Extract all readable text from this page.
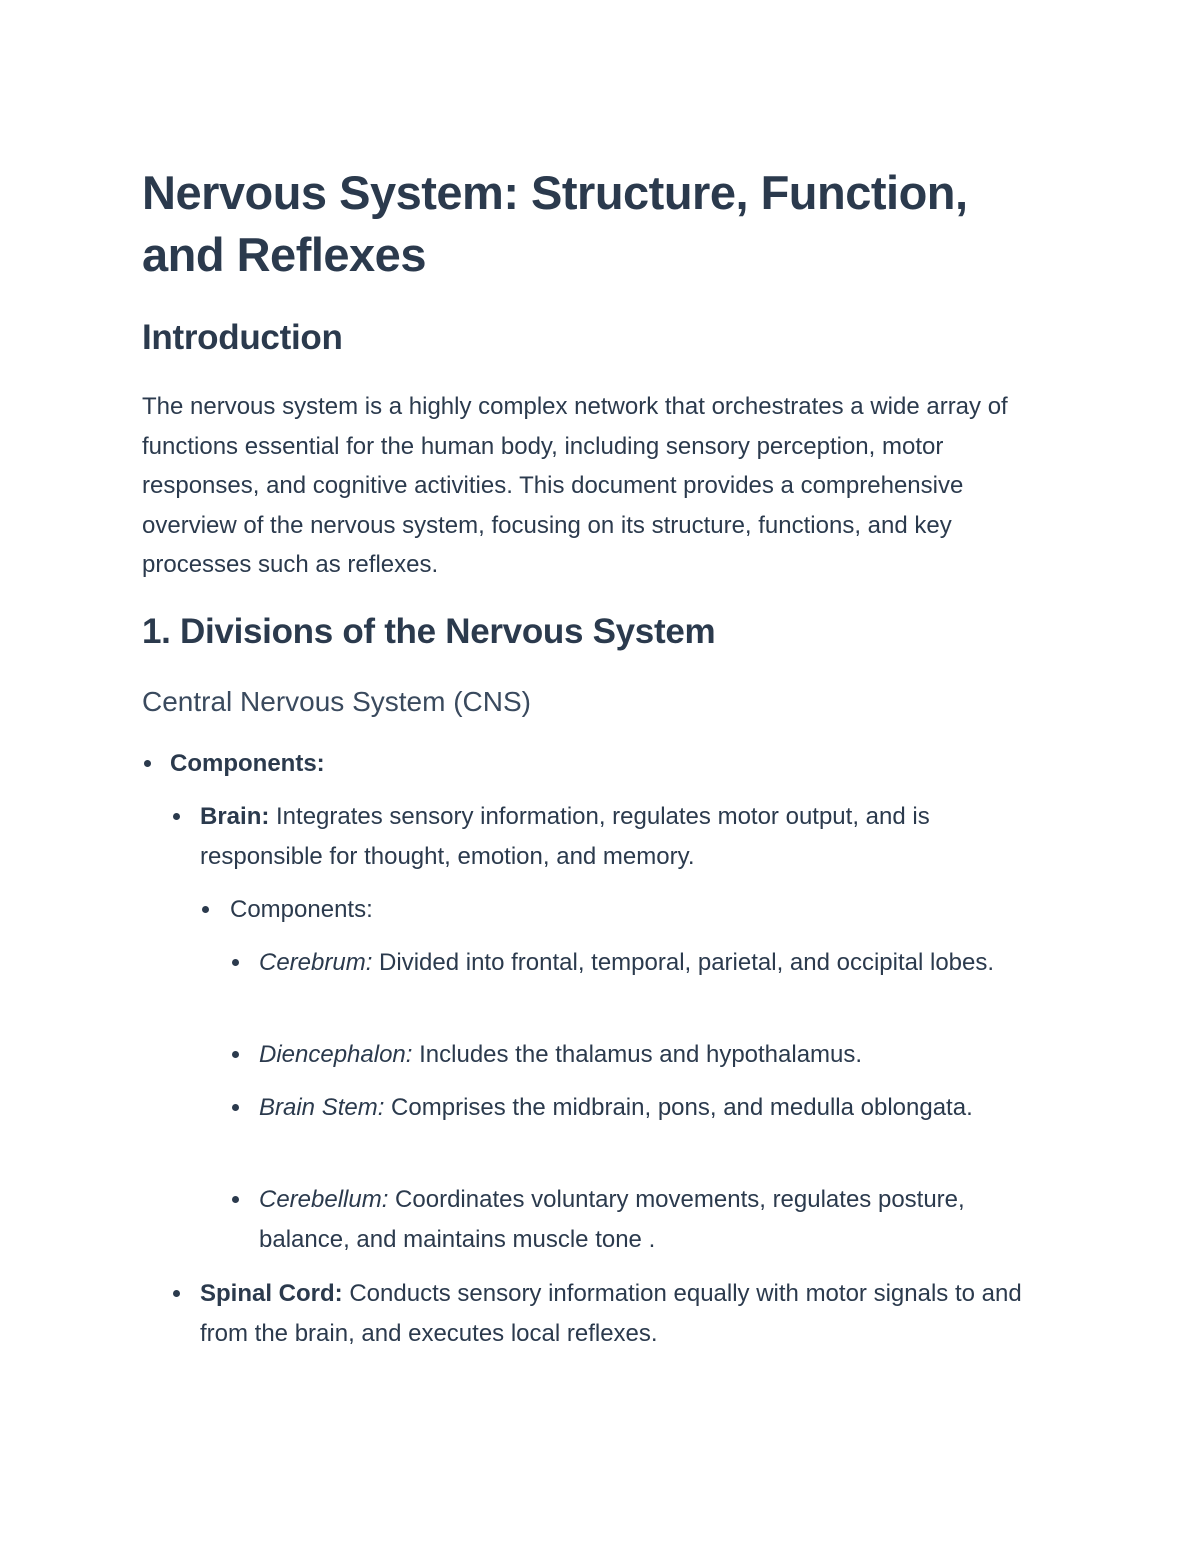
Nervous System: Structure, Function, and Reflexes
Introduction

The nervous system is a highly complex network that orchestrates a wide array of functions essential for the human body, including sensory perception, motor responses, and cognitive activities. This document provides a comprehensive overview of the nervous system, focusing on its structure, functions, and key processes such as reflexes.

1. Divisions of the Nervous System
Central Nervous System (CNS)
Components:
Brain: Integrates sensory information, regulates motor output, and is responsible for thought, emotion, and memory.
Components:
Cerebrum: Divided into frontal, temporal, parietal, and occipital lobes.
Diencephalon: Includes the thalamus and hypothalamus.
Brain Stem: Comprises the midbrain, pons, and medulla oblongata.
Cerebellum: Coordinates voluntary movements, regulates posture, balance, and maintains muscle tone .
Spinal Cord: Conducts sensory information equally with motor signals to and from the brain, and executes local reflexes.
